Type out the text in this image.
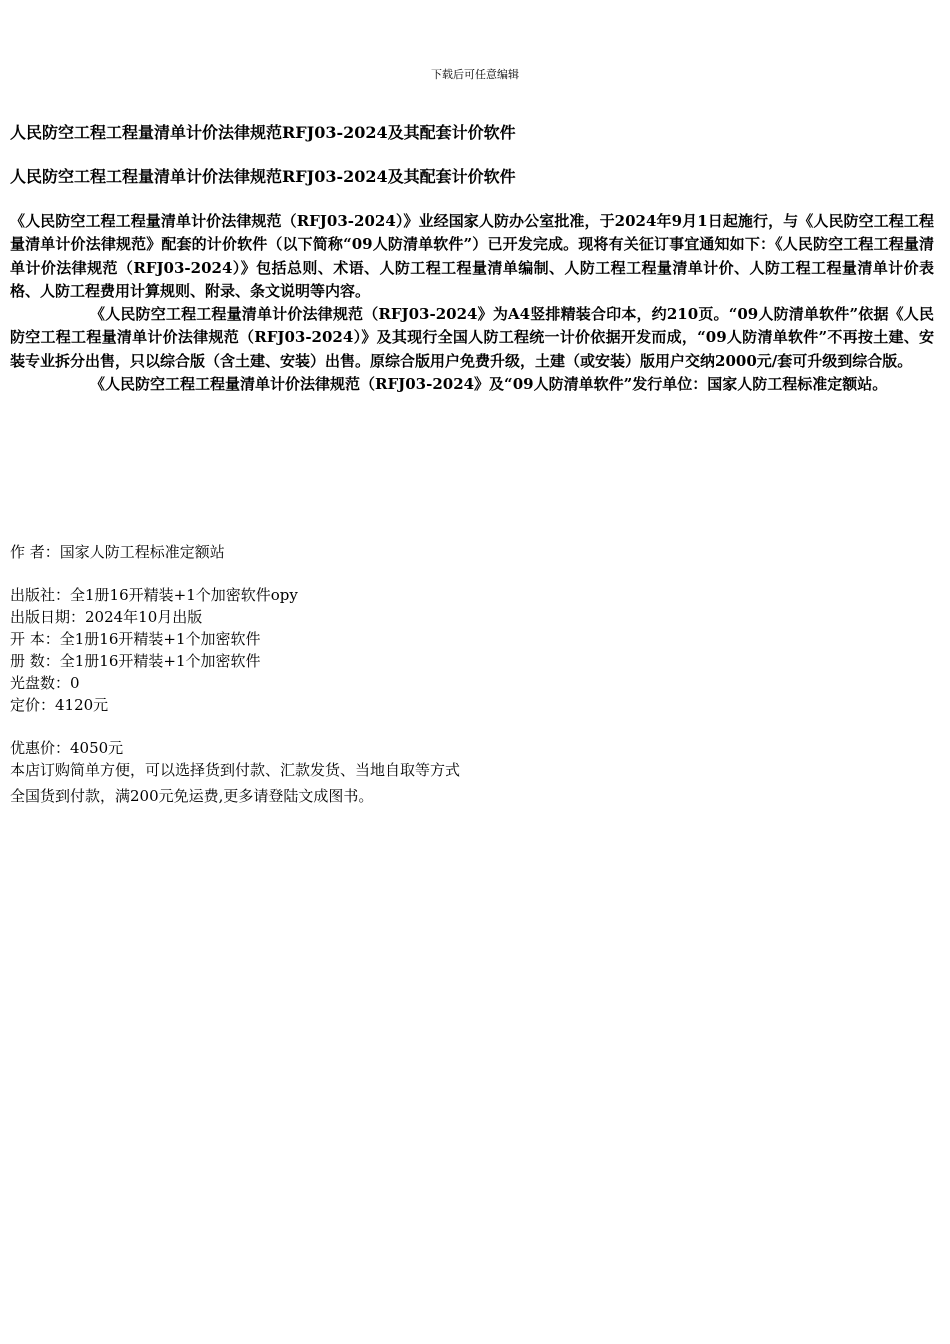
下载后可任意编辑
人民防空工程工程量清单计价法律规范RFJ03-2024及其配套计价软件
人民防空工程工程量清单计价法律规范RFJ03-2024及其配套计价软件

《人民防空工程工程量清单计价法律规范（RFJ03-2024）》业经国家人防办公室批准，于2024年9月1日起施行，与《人民防空工程工程量清单计价法律规范》配套的计价软件（以下简称“09人防清单软件”）已开发完成。现将有关征订事宜通知如下：《人民防空工程工程量清单计价法律规范（RFJ03-2024）》包括总则、术语、人防工程工程量清单编制、人防工程工程量清单计价、人防工程工程量清单计价表格、人防工程费用计算规则、附录、条文说明等内容。

《人民防空工程工程量清单计价法律规范（RFJ03-2024》为A4竖排精装合印本，约210页。“09人防清单软件”依据《人民防空工程工程量清单计价法律规范（RFJ03-2024）》及其现行全国人防工程统一计价依据开发而成，“09人防清单软件”不再按土建、安装专业拆分出售，只以综合版（含土建、安装）出售。原综合版用户免费升级，土建（或安装）版用户交纳2000元/套可升级到综合版。

《人民防空工程工程量清单计价法律规范（RFJ03-2024》及“09人防清单软件”发行单位：国家人防工程标准定额站。

作 者：国家人防工程标准定额站
出版社：全1册16开精装+1个加密软件opy
出版日期：2024年10月出版
开 本：全1册16开精装+1个加密软件
册 数：全1册16开精装+1个加密软件
光盘数：0
定价：4120元
优惠价：4050元
本店订购简单方便，可以选择货到付款、汇款发货、当地自取等方式
全国货到付款，满200元免运费,更多请登陆文成图书。
